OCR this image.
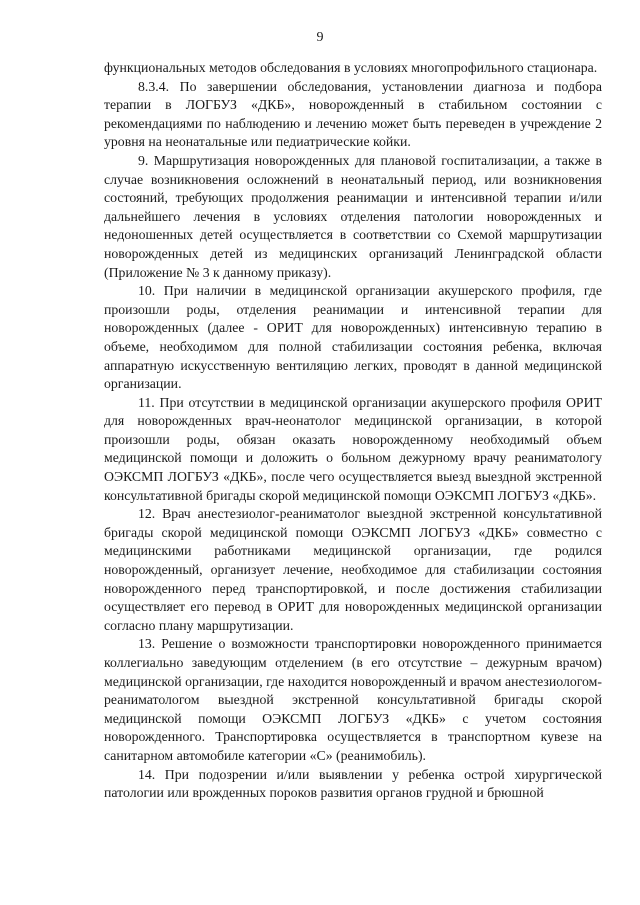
9

функциональных методов обследования в условиях многопрофильного стационара.

8.3.4. По завершении обследования, установлении диагноза и подбора терапии в ЛОГБУЗ «ДКБ», новорожденный в стабильном состоянии с рекомендациями по наблюдению и лечению может быть переведен в учреждение 2 уровня на неонатальные или педиатрические койки.

9. Маршрутизация новорожденных для плановой госпитализации, а также в случае возникновения осложнений в неонатальный период, или возникновения состояний, требующих продолжения реанимации и интенсивной терапии и/или дальнейшего лечения в условиях отделения патологии новорожденных и недоношенных детей осуществляется в соответствии со Схемой маршрутизации новорожденных детей из медицинских организаций Ленинградской области (Приложение № 3 к данному приказу).

10. При наличии в медицинской организации акушерского профиля, где произошли роды, отделения реанимации и интенсивной терапии для новорожденных (далее - ОРИТ для новорожденных) интенсивную терапию в объеме, необходимом для полной стабилизации состояния ребенка, включая аппаратную искусственную вентиляцию легких, проводят в данной медицинской организации.

11. При отсутствии в медицинской организации акушерского профиля ОРИТ для новорожденных врач-неонатолог медицинской организации, в которой произошли роды, обязан оказать новорожденному необходимый объем медицинской помощи и доложить о больном дежурному врачу реаниматологу ОЭКСМП ЛОГБУЗ «ДКБ», после чего осуществляется выезд выездной экстренной консультативной бригады скорой медицинской помощи ОЭКСМП ЛОГБУЗ «ДКБ».

12. Врач анестезиолог-реаниматолог выездной экстренной консультативной бригады скорой медицинской помощи ОЭКСМП ЛОГБУЗ «ДКБ» совместно с медицинскими работниками медицинской организации, где родился новорожденный, организует лечение, необходимое для стабилизации состояния новорожденного перед транспортировкой, и после достижения стабилизации осуществляет его перевод в ОРИТ для новорожденных медицинской организации согласно плану маршрутизации.

13. Решение о возможности транспортировки новорожденного принимается коллегиально заведующим отделением (в его отсутствие – дежурным врачом) медицинской организации, где находится новорожденный и врачом анестезиологом-реаниматологом выездной экстренной консультативной бригады скорой медицинской помощи ОЭКСМП ЛОГБУЗ «ДКБ» с учетом состояния новорожденного. Транспортировка осуществляется в транспортном кувезе на санитарном автомобиле категории «С» (реанимобиль).

14. При подозрении и/или выявлении у ребенка острой хирургической патологии или врожденных пороков развития органов грудной и брюшной
